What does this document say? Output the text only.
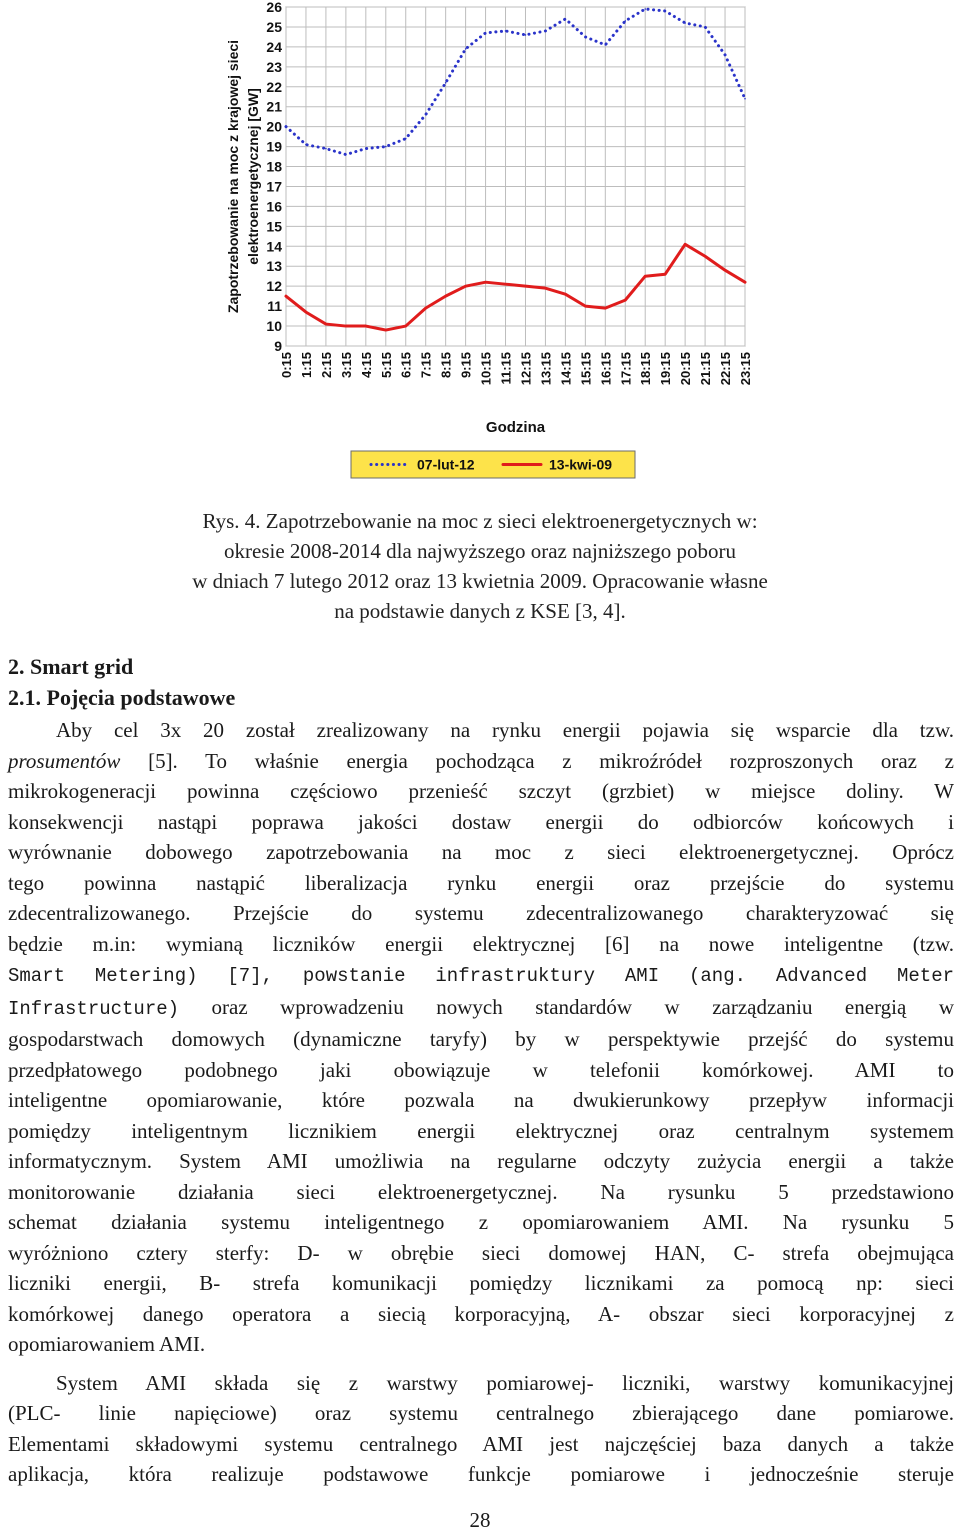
9
10
11
12
13
14
15
16
17
18
19
20
21
22
23
24
25
26
0:15 1:15 2:15 3:15 4:15 5:15 6:15 7:15 8:15 9:15 10:15 11:15 12:15 13:15 14:15 15:15 16:15 17:15 18:15 19:15 20:15 21:15 22:15 23:15
Zapotrzebowanie na moc z krajowej sieci elektroenergetycznej [GW]
Godzina
07-lut-12	13-kwi-09
Rys. 4. Zapotrzebowanie na moc z sieci elektroenergetycznych w:
okresie 2008-2014 dla najwyższego oraz najniższego poboru
w dniach 7 lutego 2012 oraz 13 kwietnia 2009. Opracowanie własne
na podstawie danych z KSE [3, 4].
2. Smart grid
2.1. Pojęcia podstawowe

Aby cel 3x 20 został zrealizowany na rynku energii pojawia się wsparcie dla tzw.

prosumentów [5]. To właśnie energia pochodząca z mikroźródeł rozproszonych oraz z

mikrokogeneracji powinna częściowo przenieść szczyt (grzbiet) w miejsce doliny. W

konsekwencji nastąpi poprawa jakości dostaw energii do odbiorców końcowych i

wyrównanie dobowego zapotrzebowania na moc z sieci elektroenergetycznej. Oprócz

tego powinna nastąpić liberalizacja rynku energii oraz przejście do systemu

zdecentralizowanego. Przejście do systemu zdecentralizowanego charakteryzować się

będzie m.in: wymianą liczników energii elektrycznej [6] na nowe inteligentne (tzw.

Smart Metering) [7], powstanie infrastruktury AMI (ang. Advanced Meter

Infrastructure) oraz wprowadzeniu nowych standardów w zarządzaniu energią w

gospodarstwach domowych (dynamiczne taryfy) by w perspektywie przejść do systemu

przedpłatowego podobnego jaki obowiązuje w telefonii komórkowej. AMI to

inteligentne opomiarowanie, które pozwala na dwukierunkowy przepływ informacji

pomiędzy inteligentnym licznikiem energii elektrycznej oraz centralnym systemem

informatycznym. System AMI umożliwia na regularne odczyty zużycia energii a także

monitorowanie działania sieci elektroenergetycznej. Na rysunku 5 przedstawiono

schemat działania systemu inteligentnego z opomiarowaniem AMI. Na rysunku 5

wyróżniono cztery sterfy: D- w obrębie sieci domowej HAN, C- strefa obejmująca

liczniki energii, B- strefa komunikacji pomiędzy licznikami za pomocą np: sieci

komórkowej danego operatora a siecią korporacyjną, A- obszar sieci korporacyjnej z

opomiarowaniem AMI.

System AMI składa się z warstwy pomiarowej- liczniki, warstwy komunikacyjnej

(PLC- linie napięciowe) oraz systemu centralnego zbierającego dane pomiarowe.

Elementami składowymi systemu centralnego AMI jest najczęściej baza danych a także

aplikacja, która realizuje podstawowe funkcje pomiarowe i jednocześnie steruje

28
